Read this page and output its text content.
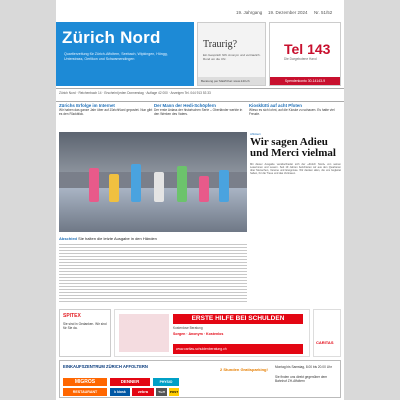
19. Jahrgang 19. Dezember 2024 Nr. 51/52
Zürich Nord
Quartierzeitung für Zürich-Affoltern, Seebach, Wipkingen, Höngg, Unterstrass, Oerlikon und Schwamendingen
Traurig?
Ein Gespräch hilft. Anonym und vertraulich. Rund um die Uhr.
Beratung per Mail/Chat: www.143.ch
Tel 143
Die Dargebotene Hand
Spendenkonto 30-14143-9
Zürich Nord · Reichenbach 14 · Erscheint jeden Donnerstag · Auflage 42 000 · Anzeigen Tel. 044 913 53 33
Zürichs Erfolge im Internet

Wir haben das ganze Jahr über auf ZürichNord gepostet. Nun gibt es den Rückblick.

Der Mann der Hedi-Schöpfern

Der erste Anlass der historischen Serie – Oberländer werkte in den Werken des Vaters.

Kiosklütti auf acht Pfoten

Wieso es sich lohnt, auf die Kioske zu schauen. Es hatte viel Freude.

Abschied Sie halten die letzte Ausgabe in den Händen
Affoltern
Wir sagen Adieu und Merci vielmal

Mit dieser Ausgabe verabschiedet sich der «Zürich Nord» von seinen Leserinnen und Lesern. Seit 19 Jahren berichteten wir aus den Quartieren über Menschen, Vereine und Ereignisse. Wir danken allen, die uns begleitet haben, für die Treue und das Vertrauen.

SPITEX
Sie sind in Gedanken. Wir sind für Sie da.
ERSTE HILFE BEI SCHULDEN
Kostenlose Beratung
Sorgen · Anonym · Kostenlos
www.caritas-schuldenberatung.ch
CARITAS
EINKAUFSZENTRUM ZÜRICH AFFOLTERN
MIGROS	DENNER	PHYSIO
RESTAURANT	k kiosk	zebra	Treff	POST
2 Stunden Gratisparking!	Montag bis Samstag, 8.00 bis 20.00 Uhr
Sie finden uns direkt gegenüber dem Bahnhof ZH-Affoltern
